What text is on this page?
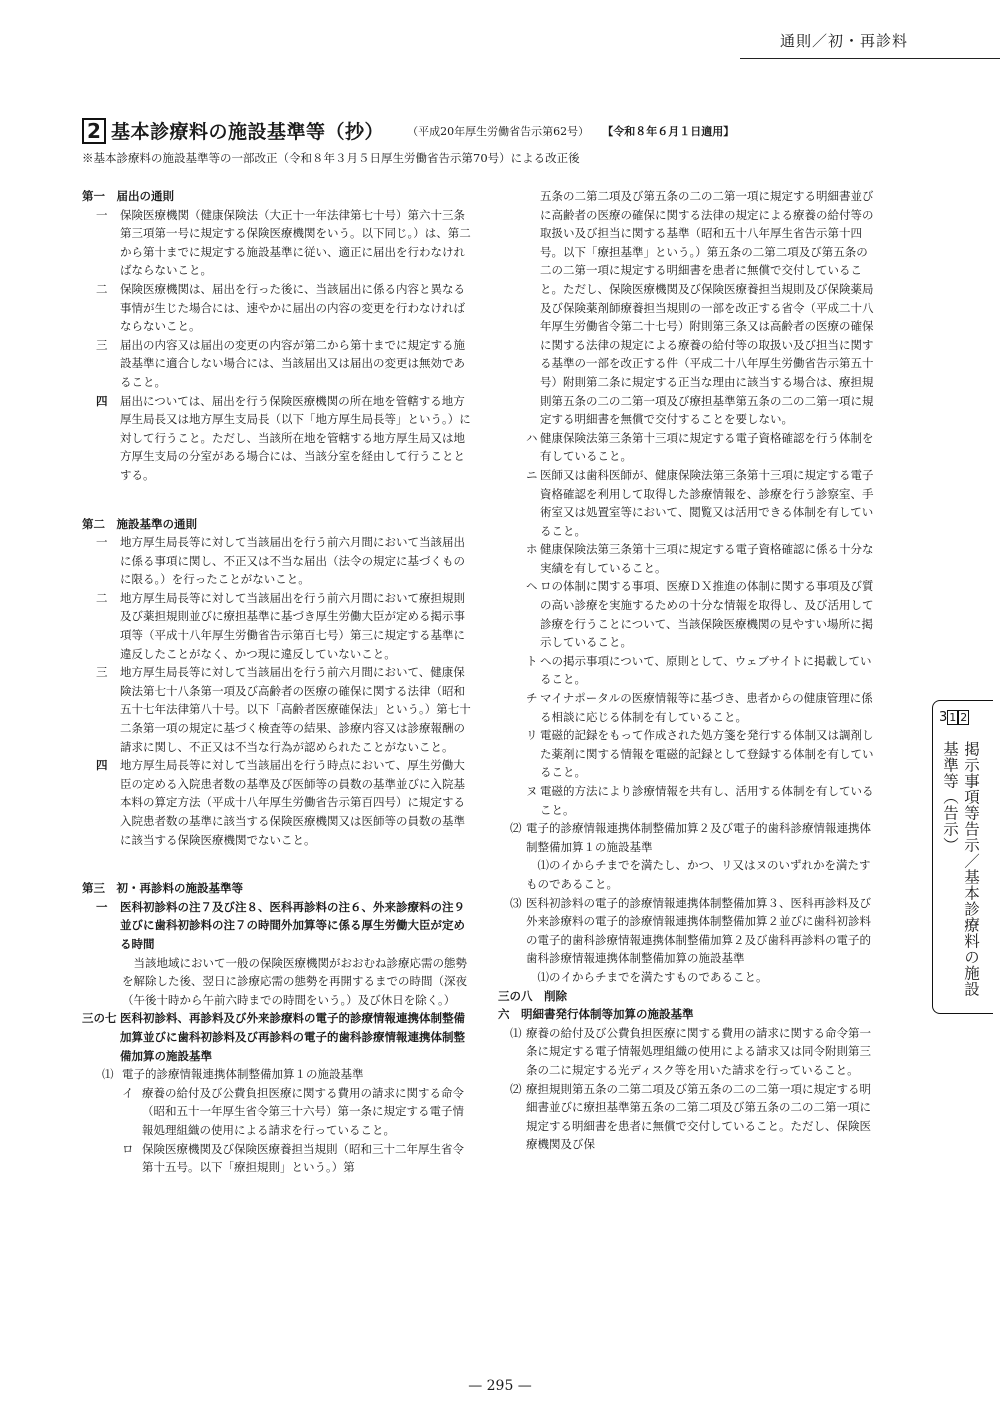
通則／初・再診料
2 基本診療料の施設基準等（抄） （平成20年厚生労働省告示第62号） 【令和８年６月１日適用】
※基本診療料の施設基準等の一部改正（令和８年３月５日厚生労働省告示第70号）による改正後
第一　届出の通則
一 保険医療機関（健康保険法（大正十一年法律第七十号）第六十三条第三項第一号に規定する保険医療機関をいう。以下同じ。）は、第二から第十までに規定する施設基準に従い、適正に届出を行わなければならないこと。
二 保険医療機関は、届出を行った後に、当該届出に係る内容と異なる事情が生じた場合には、速やかに届出の内容の変更を行わなければならないこと。
三 届出の内容又は届出の変更の内容が第二から第十までに規定する施設基準に適合しない場合には、当該届出又は届出の変更は無効であること。
四 届出については、届出を行う保険医療機関の所在地を管轄する地方厚生局長又は地方厚生支局長（以下「地方厚生局長等」という。）に対して行うこと。ただし、当該所在地を管轄する地方厚生局又は地方厚生支局の分室がある場合には、当該分室を経由して行うこととする。
第二　施設基準の通則
一 地方厚生局長等に対して当該届出を行う前六月間において当該届出に係る事項に関し、不正又は不当な届出（法令の規定に基づくものに限る。）を行ったことがないこと。
二 地方厚生局長等に対して当該届出を行う前六月間において療担規則及び薬担規則並びに療担基準に基づき厚生労働大臣が定める掲示事項等（平成十八年厚生労働省告示第百七号）第三に規定する基準に違反したことがなく、かつ現に違反していないこと。
三 地方厚生局長等に対して当該届出を行う前六月間において、健康保険法第七十八条第一項及び高齢者の医療の確保に関する法律（昭和五十七年法律第八十号。以下「高齢者医療確保法」という。）第七十二条第一項の規定に基づく検査等の結果、診療内容又は診療報酬の請求に関し、不正又は不当な行為が認められたことがないこと。
四 地方厚生局長等に対して当該届出を行う時点において、厚生労働大臣の定める入院患者数の基準及び医師等の員数の基準並びに入院基本料の算定方法（平成十八年厚生労働省告示第百四号）に規定する入院患者数の基準に該当する保険医療機関又は医師等の員数の基準に該当する保険医療機関でないこと。
第三　初・再診料の施設基準等
一 医科初診料の注７及び注８、医科再診料の注６、外来診療料の注９並びに歯科初診料の注７の時間外加算等に係る厚生労働大臣が定める時間
当該地域において一般の保険医療機関がおおむね診療応需の態勢を解除した後、翌日に診療応需の態勢を再開するまでの時間（深夜（午後十時から午前六時までの時間をいう。）及び休日を除く。）
三の七 医科初診料、再診料及び外来診療料の電子的診療情報連携体制整備加算並びに歯科初診料及び再診料の電子的歯科診療情報連携体制整備加算の施設基準
⑴ 電子的診療情報連携体制整備加算１の施設基準
イ 療養の給付及び公費負担医療に関する費用の請求に関する命令（昭和五十一年厚生省令第三十六号）第一条に規定する電子情報処理組織の使用による請求を行っていること。
ロ 保険医療機関及び保険医療養担当規則（昭和三十二年厚生省令第十五号。以下「療担規則」という。）第
五条の二第二項及び第五条の二の二第一項に規定する明細書並びに高齢者の医療の確保に関する法律の規定による療養の給付等の取扱い及び担当に関する基準（昭和五十八年厚生省告示第十四号。以下「療担基準」という。）第五条の二第二項及び第五条の二の二第一項に規定する明細書を患者に無償で交付していること。ただし、保険医療機関及び保険医療養担当規則及び保険薬局及び保険薬剤師療養担当規則の一部を改正する省令（平成二十八年厚生労働省令第二十七号）附則第三条又は高齢者の医療の確保に関する法律の規定による療養の給付等の取扱い及び担当に関する基準の一部を改正する件（平成二十八年厚生労働省告示第五十号）附則第二条に規定する正当な理由に該当する場合は、療担規則第五条の二の二第一項及び療担基準第五条の二の二第一項に規定する明細書を無償で交付することを要しない。
ハ 健康保険法第三条第十三項に規定する電子資格確認を行う体制を有していること。
ニ 医師又は歯科医師が、健康保険法第三条第十三項に規定する電子資格確認を利用して取得した診療情報を、診療を行う診察室、手術室又は処置室等において、閲覧又は活用できる体制を有していること。
ホ 健康保険法第三条第十三項に規定する電子資格確認に係る十分な実績を有していること。
ヘ ロの体制に関する事項、医療ＤＸ推進の体制に関する事項及び質の高い診療を実施するための十分な情報を取得し、及び活用して診療を行うことについて、当該保険医療機関の見やすい場所に掲示していること。
ト への掲示事項について、原則として、ウェブサイトに掲載していること。
チ マイナポータルの医療情報等に基づき、患者からの健康管理に係る相談に応じる体制を有していること。
リ 電磁的記録をもって作成された処方箋を発行する体制又は調剤した薬剤に関する情報を電磁的記録として登録する体制を有していること。
ヌ 電磁的方法により診療情報を共有し、活用する体制を有していること。
⑵ 電子的診療情報連携体制整備加算２及び電子的歯科診療情報連携体制整備加算１の施設基準
⑴のイからチまでを満たし、かつ、リ又はヌのいずれかを満たすものであること。
⑶ 医科初診料の電子的診療情報連携体制整備加算３、医科再診料及び外来診療料の電子的診療情報連携体制整備加算２並びに歯科初診料の電子的歯科診療情報連携体制整備加算２及び歯科再診料の電子的歯科診療情報連携体制整備加算の施設基準
⑴のイからチまでを満たすものであること。
三の八　削除
六　明細書発行体制等加算の施設基準
⑴ 療養の給付及び公費負担医療に関する費用の請求に関する命令第一条に規定する電子情報処理組織の使用による請求又は同令附則第三条の二に規定する光ディスク等を用いた請求を行っていること。
⑵ 療担規則第五条の二第二項及び第五条の二の二第一項に規定する明細書並びに療担基準第五条の二第二項及び第五条の二の二第一項に規定する明細書を患者に無償で交付していること。ただし、保険医療機関及び保
3 1 2
掲示事項等告示／基本診療料の施設基準等（告示）
— 295 —
